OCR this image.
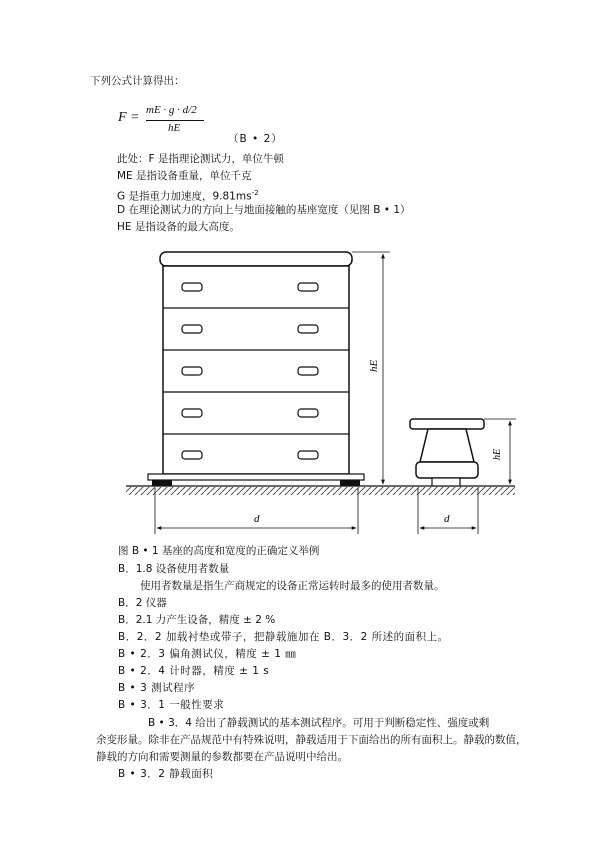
下列公式计算得出：
F = mE · g · d/2
hE
（B • 2）
此处：F 是指理论测试力，单位牛顿
ME 是指设备重量，单位千克
G 是指重力加速度，$9.81ms^{-2}$
D 在理论测试力的方向上与地面接触的基座宽度（见图 B • 1）
HE 是指设备的最大高度。
hE
d
hE
d
图 B • 1 基座的高度和宽度的正确定义举例
B．1.8 设备使用者数量
使用者数量是指生产商规定的设备正常运转时最多的使用者数量。
B．2 仪器
B．2.1 力产生设备，精度 ± 2 %
B．2．2 加载衬垫或带子，把静载施加在 B．3．2 所述的面积上。
B • 2．3 偏角测试仪，精度 ± 1 ㎜
B • 2．4 计时器，精度 ± 1 s
B • 3 测试程序
B • 3．1 一般性要求
B • 3．4 给出了静载测试的基本测试程序。可用于判断稳定性、强度或剩
余变形量。除非在产品规范中有特殊说明，静载适用于下面给出的所有面积上。静载的数值，
静载的方向和需要测量的参数都要在产品说明中给出。
B • 3．2 静载面积
